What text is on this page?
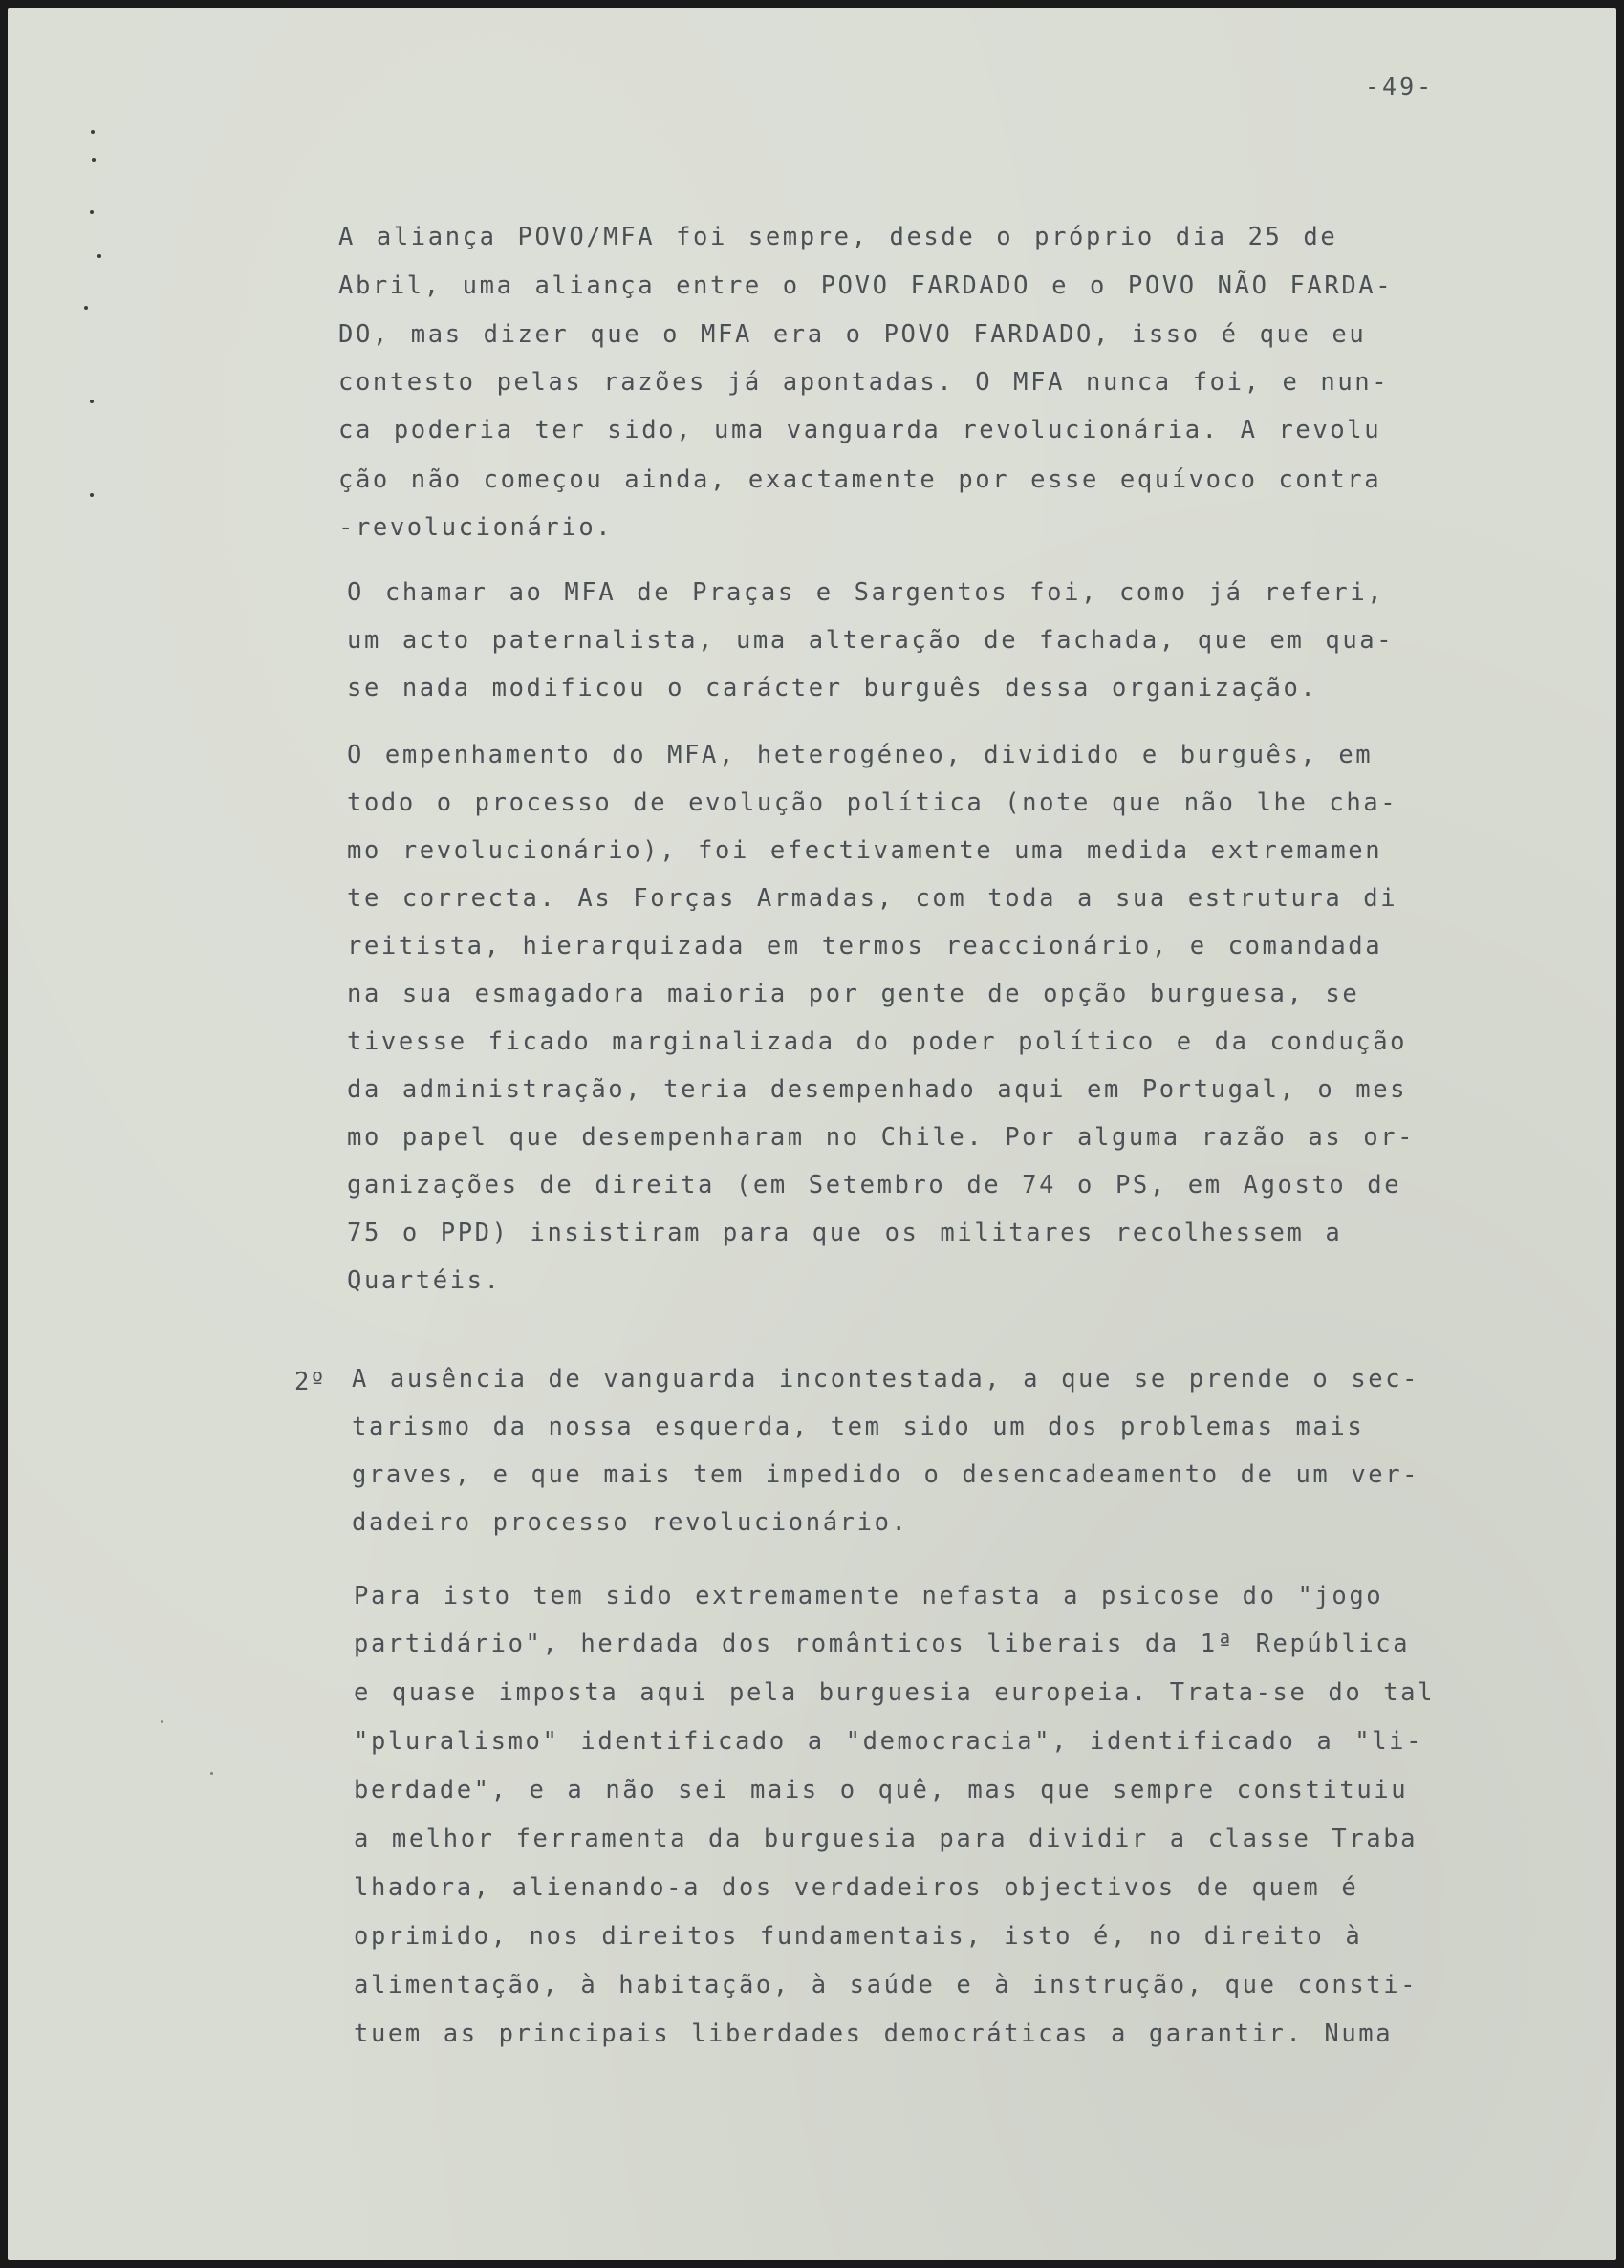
-49-
A aliança POVO/MFA foi sempre, desde o próprio dia 25 de
Abril, uma aliança entre o POVO FARDADO e o POVO NÃO FARDA-
DO, mas dizer que o MFA era o POVO FARDADO, isso é que eu
contesto pelas razões já apontadas. O MFA nunca foi, e nun-
ca poderia ter sido, uma vanguarda revolucionária. A revolu
ção não começou ainda, exactamente por esse equívoco contra
-revolucionário.
O chamar ao MFA de Praças e Sargentos foi, como já referi,
um acto paternalista, uma alteração de fachada, que em qua-
se nada modificou o carácter burguês dessa organização.
O empenhamento do MFA, heterogéneo, dividido e burguês, em
todo o processo de evolução política (note que não lhe cha-
mo revolucionário), foi efectivamente uma medida extremamen
te correcta. As Forças Armadas, com toda a sua estrutura di
reitista, hierarquizada em termos reaccionário, e comandada
na sua esmagadora maioria por gente de opção burguesa, se
tivesse ficado marginalizada do poder político e da condução
da administração, teria desempenhado aqui em Portugal, o mes
mo papel que desempenharam no Chile. Por alguma razão as or-
ganizações de direita (em Setembro de 74 o PS, em Agosto de
75 o PPD) insistiram para que os militares recolhessem a
Quartéis.
2º A ausência de vanguarda incontestada, a que se prende o sec-
tarismo da nossa esquerda, tem sido um dos problemas mais
graves, e que mais tem impedido o desencadeamento de um ver-
dadeiro processo revolucionário.
Para isto tem sido extremamente nefasta a psicose do "jogo
partidário", herdada dos românticos liberais da 1ª República
e quase imposta aqui pela burguesia europeia. Trata-se do tal
"pluralismo" identificado a "democracia", identificado a "li-
berdade", e a não sei mais o quê, mas que sempre constituiu
a melhor ferramenta da burguesia para dividir a classe Traba
lhadora, alienando-a dos verdadeiros objectivos de quem é
oprimido, nos direitos fundamentais, isto é, no direito à
alimentação, à habitação, à saúde e à instrução, que consti-
tuem as principais liberdades democráticas a garantir. Numa
